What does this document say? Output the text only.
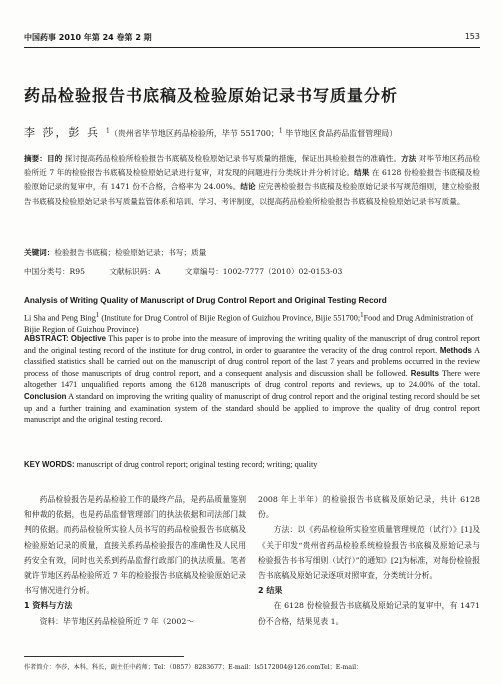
中国药事 2010 年第 24 卷第 2 期	153
药品检验报告书底稿及检验原始记录书写质量分析
李 莎，彭 兵 $^1$（贵州省毕节地区药品检验所，毕节 551700；$^1$ 毕节地区食品药品监督管理局）
摘要：目的 探讨提高药品检验所检验报告书底稿及检验原始记录书写质量的措施，保证出具检验报告的准确性。方法 对毕节地区药品检验所近 7 年的检验报告书底稿及检验原始记录进行复审，对发现的问题进行分类统计并分析讨论。结果 在 6128 份检验报告书底稿及检验原始记录的复审中，有 1471 份不合格，合格率为 24.00%。结论 应完善检验报告书底稿及检验原始记录书写规范细则，建立检验报告书底稿及检验原始记录书写质量监管体系和培训、学习、考评制度，以提高药品检验所检验报告书底稿及检验原始记录书写质量。
关键词：检验报告书底稿；检验原始记录；书写；质量
中国分类号：R95	文献标识码：A	文章编号：1002-7777（2010）02-0153-03
Analysis of Writing Quality of Manuscript of Drug Control Report and Original Testing Record
Li Sha and Peng Bing$^1$ (Institute for Drug Control of Bijie Region of Guizhou Province, Bijie 551700;$^1$Food and Drug Administration of Bijie Region of Guizhou Province)
ABSTRACT: Objective This paper is to probe into the measure of improving the writing quality of the manuscript of drug control report and the original testing record of the institute for drug control, in order to guarantee the veracity of the drug control report. Methods A classified statistics shall be carried out on the manuscript of drug control report of the last 7 years and problems occurred in the review process of those manuscripts of drug control report, and a consequent analysis and discussion shall be followed. Results There were altogether 1471 unqualified reports among the 6128 manuscripts of drug control reports and reviews, up to 24.00% of the total. Conclusion A standard on improving the writing quality of manuscript of drug control report and the original testing record should be set up and a further training and examination system of the standard should be applied to improve the quality of drug control report manuscript and the original testing record.
KEY WORDS: manuscript of drug control report; original testing record; writing; quality

药品检验报告是药品检验工作的最终产品，是药品质量鉴别和仲裁的依据，也是药品监督管理部门的执法依据和司法部门裁判的依据。而药品检验所实验人员书写的药品检验报告书底稿及检验原始记录的质量，直接关系药品检验报告的准确性及人民用药安全有效，同时也关系到药品监督行政部门的执法质量。笔者就许节地区药品检验所近 7 年的检验报告书底稿及检验原始记录书写情况进行分析。

1 资料与方法

资料：毕节地区药品检验所近 7 年（2002～

2008 年上半年）的检验报告书底稿及原始记录，共计 6128 份。

方法：以《药品检验所实验室质量管理规范（试行）》[1]及《关于印发“贵州省药品检验系统检验报告书底稿及原始记录与检验报告书书写细则（试行）”的通知》[2]为标准，对每份检验报告书底稿及原始记录逐项对照审查，分类统计分析。

2 结果

在 6128 份检验报告书底稿及原始记录的复审中，有 1471 份不合格，结果见表 1。

作者简介：李莎，本科，科长，副主任中药师；Tel：（0857）8283677；E-mail：ls5172004@126.comTel；E-mail：
